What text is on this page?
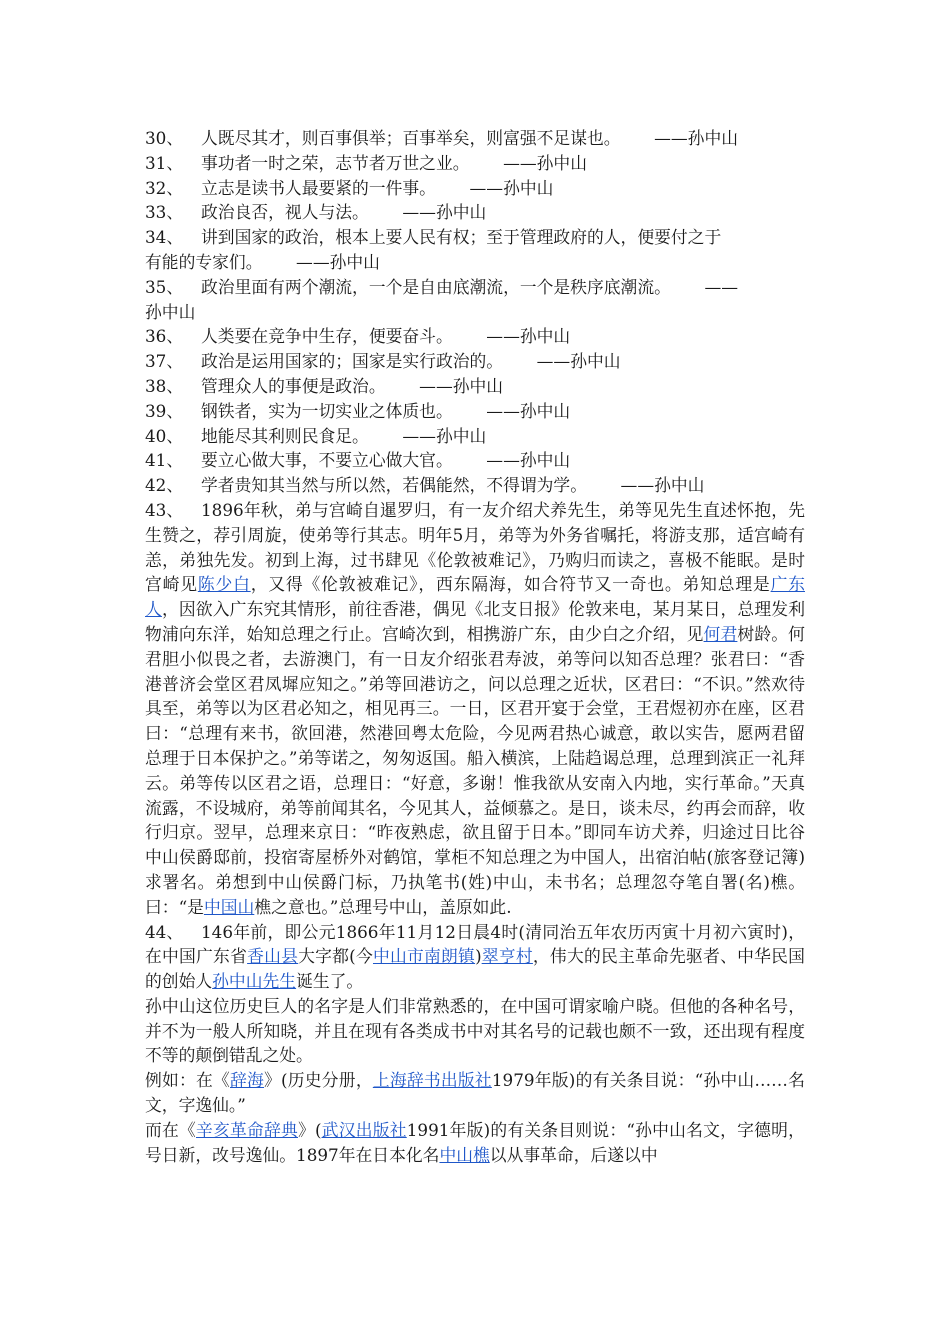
30、 人既尽其才，则百事俱举；百事举矣，则富强不足谋也。   ——孙中山
31、 事功者一时之荣，志节者万世之业。   ——孙中山
32、 立志是读书人最要紧的一件事。   ——孙中山
33、 政治良否，视人与法。   ——孙中山
34、 讲到国家的政治，根本上要人民有权；至于管理政府的人，便要付之于
有能的专家们。   ——孙中山
35、 政治里面有两个潮流，一个是自由底潮流，一个是秩序底潮流。   ——
孙中山
36、 人类要在竞争中生存，便要奋斗。   ——孙中山
37、 政治是运用国家的；国家是实行政治的。   ——孙中山
38、 管理众人的事便是政治。   ——孙中山
39、 钢铁者，实为一切实业之体质也。   ——孙中山
40、 地能尽其利则民食足。   ——孙中山
41、 要立心做大事，不要立心做大官。   ——孙中山
42、 学者贵知其当然与所以然，若偶能然，不得谓为学。   ——孙中山

43、 1896年秋，弟与宫崎自暹罗归，有一友介绍犬养先生，弟等见先生直述怀抱，先生赞之，荐引周旋，使弟等行其志。明年5月，弟等为外务省嘱托，将游支那，适宫崎有恙，弟独先发。初到上海，过书肆见《伦敦被难记》，乃购归而读之，喜极不能眠。是时宫崎见陈少白，又得《伦敦被难记》，西东隔海，如合符节又一奇也。弟知总理是广东人，因欲入广东究其情形，前往香港，偶见《北支日报》伦敦来电，某月某日，总理发利物浦向东洋，始知总理之行止。宫崎次到，相携游广东，由少白之介绍，见何君树龄。何君胆小似畏之者，去游澳门，有一日友介绍张君寿波，弟等问以知否总理？张君曰：“香港普济会堂区君凤墀应知之。”弟等回港访之，问以总理之近状，区君曰：“不识。”然欢待具至，弟等以为区君必知之，相见再三。一日，区君开宴于会堂，王君煜初亦在座，区君曰：“总理有来书，欲回港，然港回粤太危险，今见两君热心诚意，敢以实告，愿两君留总理于日本保护之。”弟等诺之，匆匆返国。船入横滨，上陆趋谒总理，总理到滨正一礼拜云。弟等传以区君之语，总理日：“好意，多谢！惟我欲从安南入内地，实行革命。”天真流露，不设城府，弟等前闻其名，今见其人，益倾慕之。是日，谈未尽，约再会而辞，收行归京。翌早，总理来京日：“昨夜熟虑，欲且留于日本。”即同车访犬养，归途过日比谷中山侯爵邸前，投宿寄屋桥外对鹤馆，掌柜不知总理之为中国人，出宿泊帖(旅客登记簿)求署名。弟想到中山侯爵门标，乃执笔书(姓)中山，未书名；总理忽夺笔自署(名)樵。曰：“是中国山樵之意也。”总理号中山，盖原如此.

44、 146年前，即公元1866年11月12日晨4时(清同治五年农历丙寅十月初六寅时)，在中国广东省香山县大字都(今中山市南朗镇)翠亨村，伟大的民主革命先驱者、中华民国的创始人孙中山先生诞生了。

孙中山这位历史巨人的名字是人们非常熟悉的，在中国可谓家喻户晓。但他的各种名号，并不为一般人所知晓，并且在现有各类成书中对其名号的记载也颇不一致，还出现有程度不等的颠倒错乱之处。

例如：在《辞海》(历史分册，上海辞书出版社1979年版)的有关条目说：“孙中山……名文，字逸仙。”

而在《辛亥革命辞典》(武汉出版社1991年版)的有关条目则说：“孙中山名文，字德明，号日新，改号逸仙。1897年在日本化名中山樵以从事革命，后遂以中
